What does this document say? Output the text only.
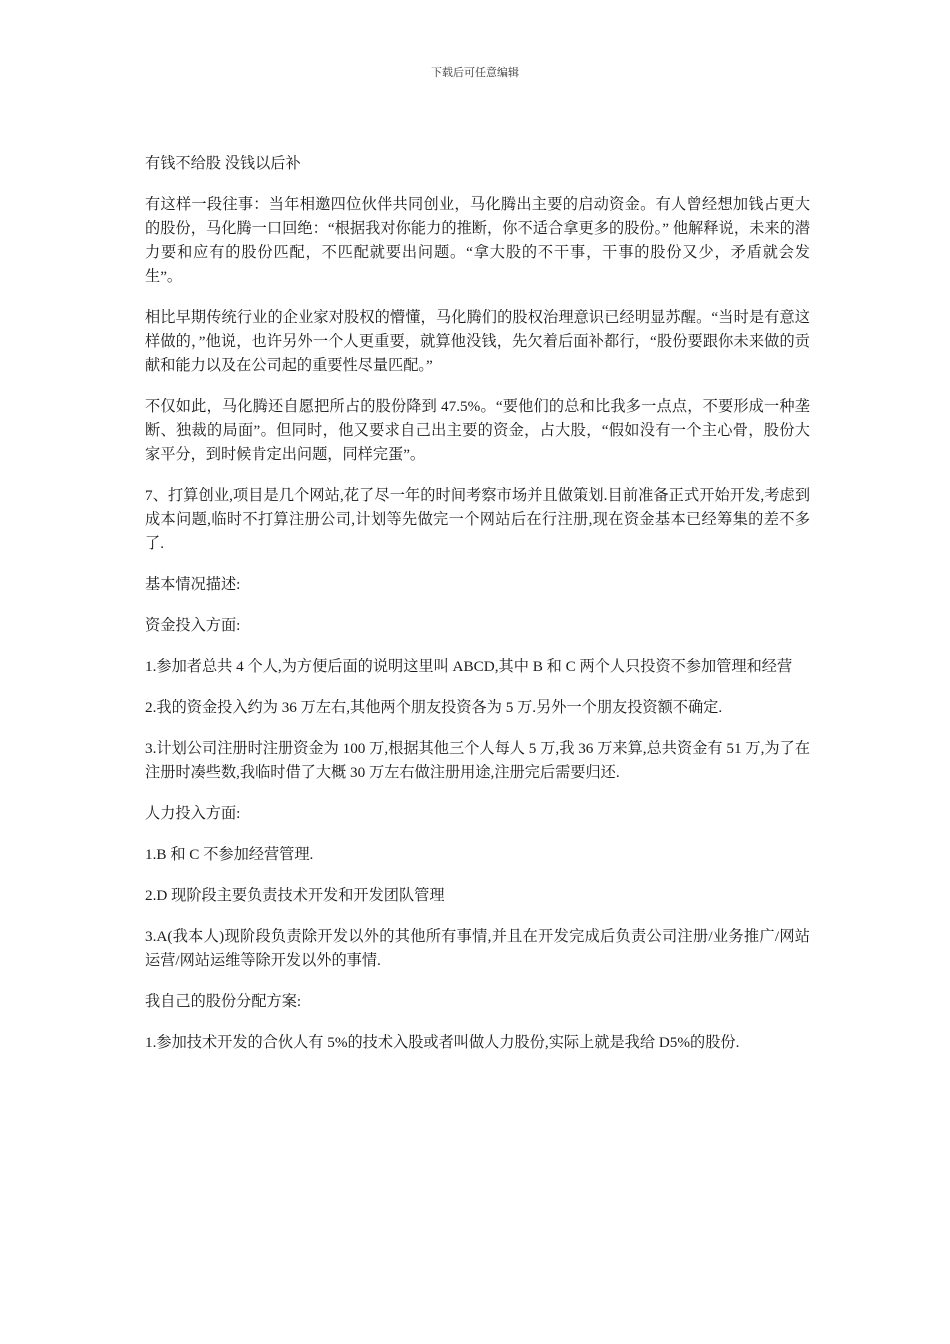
下载后可任意编辑

有钱不给股 没钱以后补

有这样一段往事：当年相邀四位伙伴共同创业，马化腾出主要的启动资金。有人曾经想加钱占更大的股份，马化腾一口回绝：“根据我对你能力的推断，你不适合拿更多的股份。” 他解释说，未来的潜力要和应有的股份匹配，不匹配就要出问题。“拿大股的不干事，干事的股份又少，矛盾就会发生”。

相比早期传统行业的企业家对股权的懵懂，马化腾们的股权治理意识已经明显苏醒。“当时是有意这样做的，”他说，也许另外一个人更重要，就算他没钱，先欠着后面补都行，“股份要跟你未来做的贡献和能力以及在公司起的重要性尽量匹配。”

不仅如此，马化腾还自愿把所占的股份降到 47.5%。“要他们的总和比我多一点点，不要形成一种垄断、独裁的局面”。但同时，他又要求自己出主要的资金，占大股，“假如没有一个主心骨，股份大家平分，到时候肯定出问题，同样完蛋”。

7、打算创业,项目是几个网站,花了尽一年的时间考察市场并且做策划.目前准备正式开始开发,考虑到成本问题,临时不打算注册公司,计划等先做完一个网站后在行注册,现在资金基本已经筹集的差不多了.

基本情况描述:

资金投入方面:

1.参加者总共 4 个人,为方便后面的说明这里叫 ABCD,其中 B 和 C 两个人只投资不参加管理和经营

2.我的资金投入约为 36 万左右,其他两个朋友投资各为 5 万.另外一个朋友投资额不确定.

3.计划公司注册时注册资金为 100 万,根据其他三个人每人 5 万,我 36 万来算,总共资金有 51 万,为了在注册时凑些数,我临时借了大概 30 万左右做注册用途,注册完后需要归还.

人力投入方面:

1.B 和 C 不参加经营管理.

2.D 现阶段主要负责技术开发和开发团队管理

3.A(我本人)现阶段负责除开发以外的其他所有事情,并且在开发完成后负责公司注册/业务推广/网站运营/网站运维等除开发以外的事情.

我自己的股份分配方案:

1.参加技术开发的合伙人有 5%的技术入股或者叫做人力股份,实际上就是我给 D5%的股份.
